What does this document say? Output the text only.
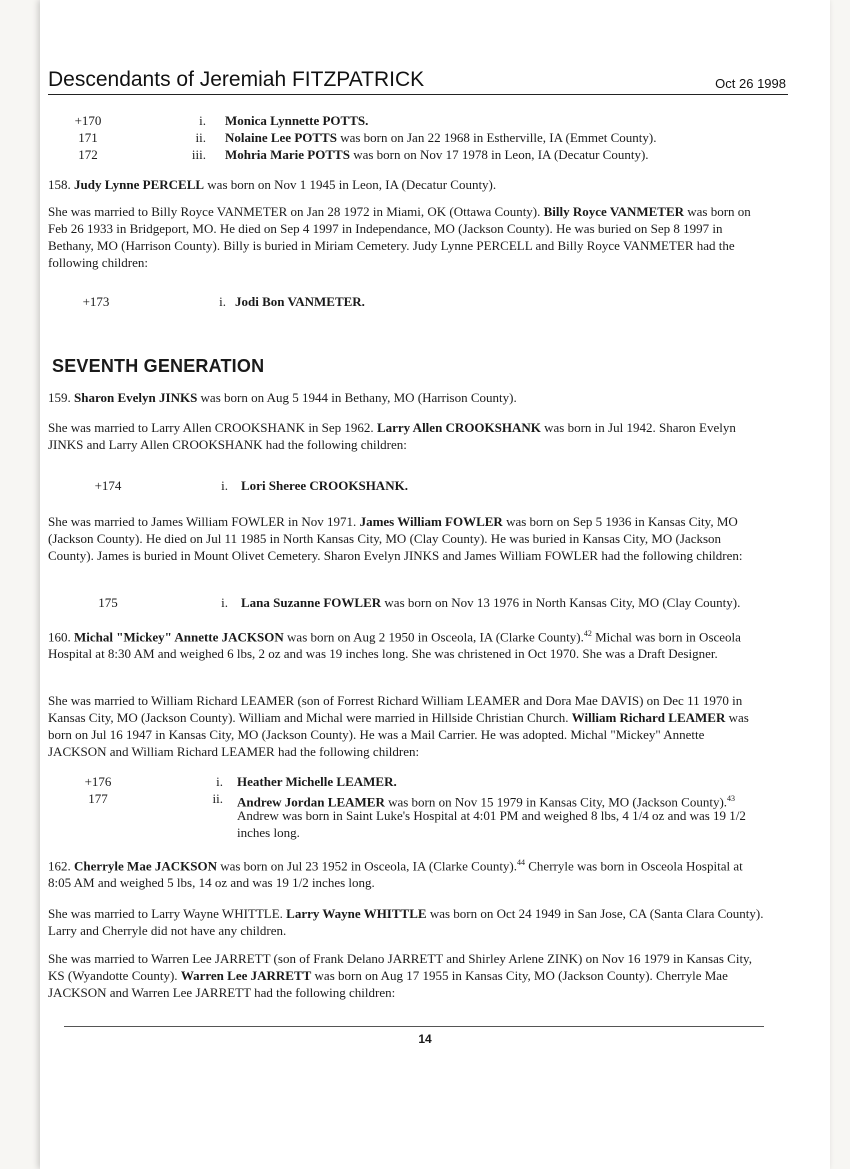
Descendants of Jeremiah FITZPATRICK	Oct 26 1998
+170	i. Monica Lynnette POTTS.
171	ii. Nolaine Lee POTTS was born on Jan 22 1968 in Estherville, IA (Emmet County).
172	iii. Mohria Marie POTTS was born on Nov 17 1978 in Leon, IA (Decatur County).
158. Judy Lynne PERCELL was born on Nov 1 1945 in Leon, IA (Decatur County).
She was married to Billy Royce VANMETER on Jan 28 1972 in Miami, OK (Ottawa County). Billy Royce VANMETER was born on Feb 26 1933 in Bridgeport, MO. He died on Sep 4 1997 in Independance, MO (Jackson County). He was buried on Sep 8 1997 in Bethany, MO (Harrison County). Billy is buried in Miriam Cemetery. Judy Lynne PERCELL and Billy Royce VANMETER had the following children:
+173	i. Jodi Bon VANMETER.
SEVENTH GENERATION
159. Sharon Evelyn JINKS was born on Aug 5 1944 in Bethany, MO (Harrison County).
She was married to Larry Allen CROOKSHANK in Sep 1962. Larry Allen CROOKSHANK was born in Jul 1942. Sharon Evelyn JINKS and Larry Allen CROOKSHANK had the following children:
+174	i. Lori Sheree CROOKSHANK.
She was married to James William FOWLER in Nov 1971. James William FOWLER was born on Sep 5 1936 in Kansas City, MO (Jackson County). He died on Jul 11 1985 in North Kansas City, MO (Clay County). He was buried in Kansas City, MO (Jackson County). James is buried in Mount Olivet Cemetery. Sharon Evelyn JINKS and James William FOWLER had the following children:
175	i. Lana Suzanne FOWLER was born on Nov 13 1976 in North Kansas City, MO (Clay County).
160. Michal "Mickey" Annette JACKSON was born on Aug 2 1950 in Osceola, IA (Clarke County).$^{42}$ Michal was born in Osceola Hospital at 8:30 AM and weighed 6 lbs, 2 oz and was 19 inches long. She was christened in Oct 1970. She was a Draft Designer.
She was married to William Richard LEAMER (son of Forrest Richard William LEAMER and Dora Mae DAVIS) on Dec 11 1970 in Kansas City, MO (Jackson County). William and Michal were married in Hillside Christian Church. William Richard LEAMER was born on Jul 16 1947 in Kansas City, MO (Jackson County). He was a Mail Carrier. He was adopted. Michal "Mickey" Annette JACKSON and William Richard LEAMER had the following children:
+176	i. Heather Michelle LEAMER.
177	ii. Andrew Jordan LEAMER was born on Nov 15 1979 in Kansas City, MO (Jackson County).$^{43}$
Andrew was born in Saint Luke's Hospital at 4:01 PM and weighed 8 lbs, 4 1/4 oz and was 19 1/2 inches long.
162. Cherryle Mae JACKSON was born on Jul 23 1952 in Osceola, IA (Clarke County).$^{44}$ Cherryle was born in Osceola Hospital at 8:05 AM and weighed 5 lbs, 14 oz and was 19 1/2 inches long.
She was married to Larry Wayne WHITTLE. Larry Wayne WHITTLE was born on Oct 24 1949 in San Jose, CA (Santa Clara County). Larry and Cherryle did not have any children.
She was married to Warren Lee JARRETT (son of Frank Delano JARRETT and Shirley Arlene ZINK) on Nov 16 1979 in Kansas City, KS (Wyandotte County). Warren Lee JARRETT was born on Aug 17 1955 in Kansas City, MO (Jackson County). Cherryle Mae JACKSON and Warren Lee JARRETT had the following children:
14
